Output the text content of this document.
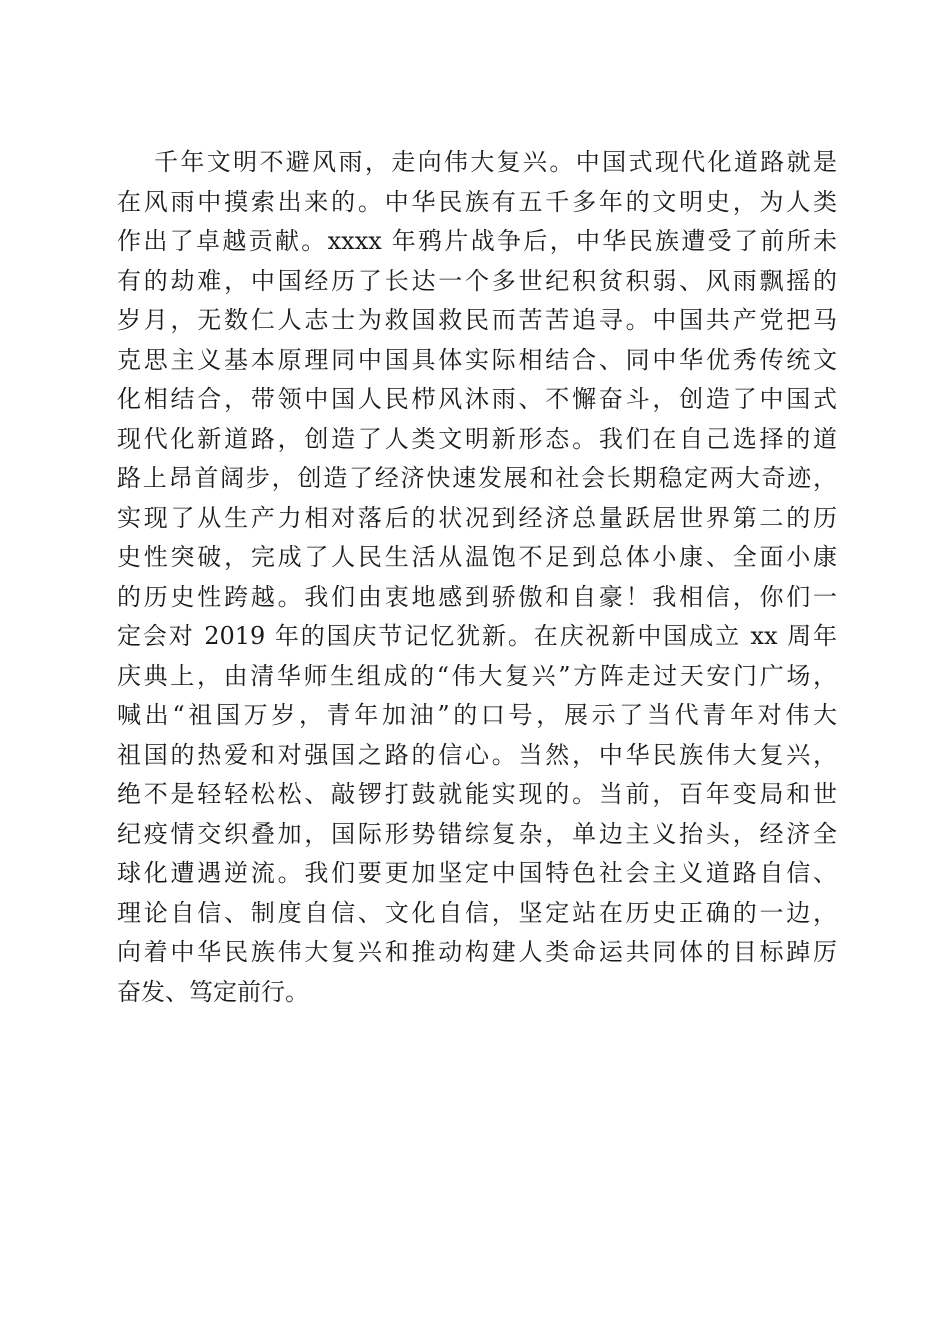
千年文明不避风雨，走向伟大复兴。中国式现代化道路就是
在风雨中摸索出来的。中华民族有五千多年的文明史，为人类
作出了卓越贡献。xxxx 年鸦片战争后，中华民族遭受了前所未
有的劫难，中国经历了长达一个多世纪积贫积弱、风雨飘摇的
岁月，无数仁人志士为救国救民而苦苦追寻。中国共产党把马
克思主义基本原理同中国具体实际相结合、同中华优秀传统文
化相结合，带领中国人民栉风沐雨、不懈奋斗，创造了中国式
现代化新道路，创造了人类文明新形态。我们在自己选择的道
路上昂首阔步，创造了经济快速发展和社会长期稳定两大奇迹，
实现了从生产力相对落后的状况到经济总量跃居世界第二的历
史性突破，完成了人民生活从温饱不足到总体小康、全面小康
的历史性跨越。我们由衷地感到骄傲和自豪！我相信，你们一
定会对 2019 年的国庆节记忆犹新。在庆祝新中国成立 xx 周年
庆典上，由清华师生组成的“伟大复兴”方阵走过天安门广场，
喊出“祖国万岁，青年加油”的口号，展示了当代青年对伟大
祖国的热爱和对强国之路的信心。当然，中华民族伟大复兴，
绝不是轻轻松松、敲锣打鼓就能实现的。当前，百年变局和世
纪疫情交织叠加，国际形势错综复杂，单边主义抬头，经济全
球化遭遇逆流。我们要更加坚定中国特色社会主义道路自信、
理论自信、制度自信、文化自信，坚定站在历史正确的一边，
向着中华民族伟大复兴和推动构建人类命运共同体的目标踔厉
奋发、笃定前行。
